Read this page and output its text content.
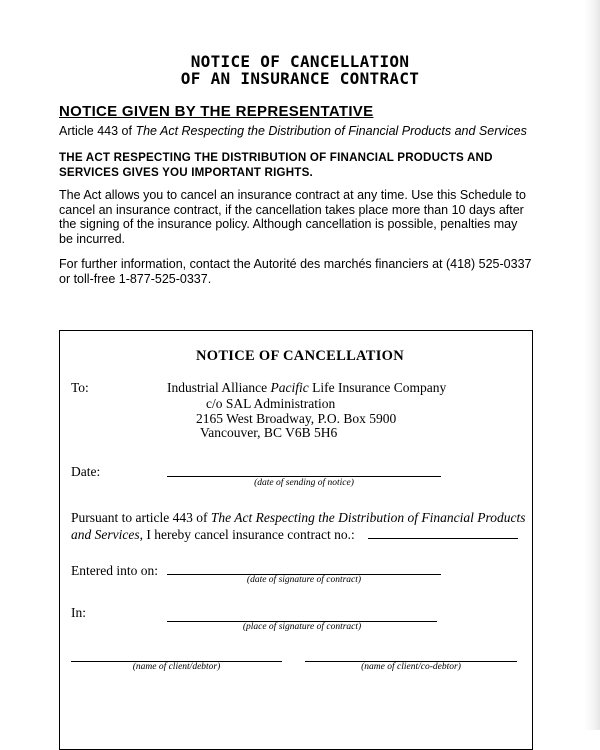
NOTICE OF CANCELLATION
OF AN INSURANCE CONTRACT
NOTICE GIVEN BY THE REPRESENTATIVE

Article 443 of The Act Respecting the Distribution of Financial Products and Services

THE ACT RESPECTING THE DISTRIBUTION OF FINANCIAL PRODUCTS AND SERVICES GIVES YOU IMPORTANT RIGHTS.

The Act allows you to cancel an insurance contract at any time. Use this Schedule to cancel an insurance contract, if the cancellation takes place more than 10 days after the signing of the insurance policy. Although cancellation is possible, penalties may be incurred.

For further information, contact the Autorité des marchés financiers at (418) 525-0337 or toll-free 1-877-525-0337.

NOTICE OF CANCELLATION

To:	Industrial Alliance Pacific Life Insurance Company

c/o SAL Administration

2165 West Broadway, P.O. Box 5900

Vancouver, BC V6B 5H6

Date:

(date of sending of notice)

Pursuant to article 443 of The Act Respecting the Distribution of Financial Products and Services, I hereby cancel insurance contract no.:

Entered into on:

(date of signature of contract)

In:

(place of signature of contract)

(name of client/debtor)	(name of client/co-debtor)
